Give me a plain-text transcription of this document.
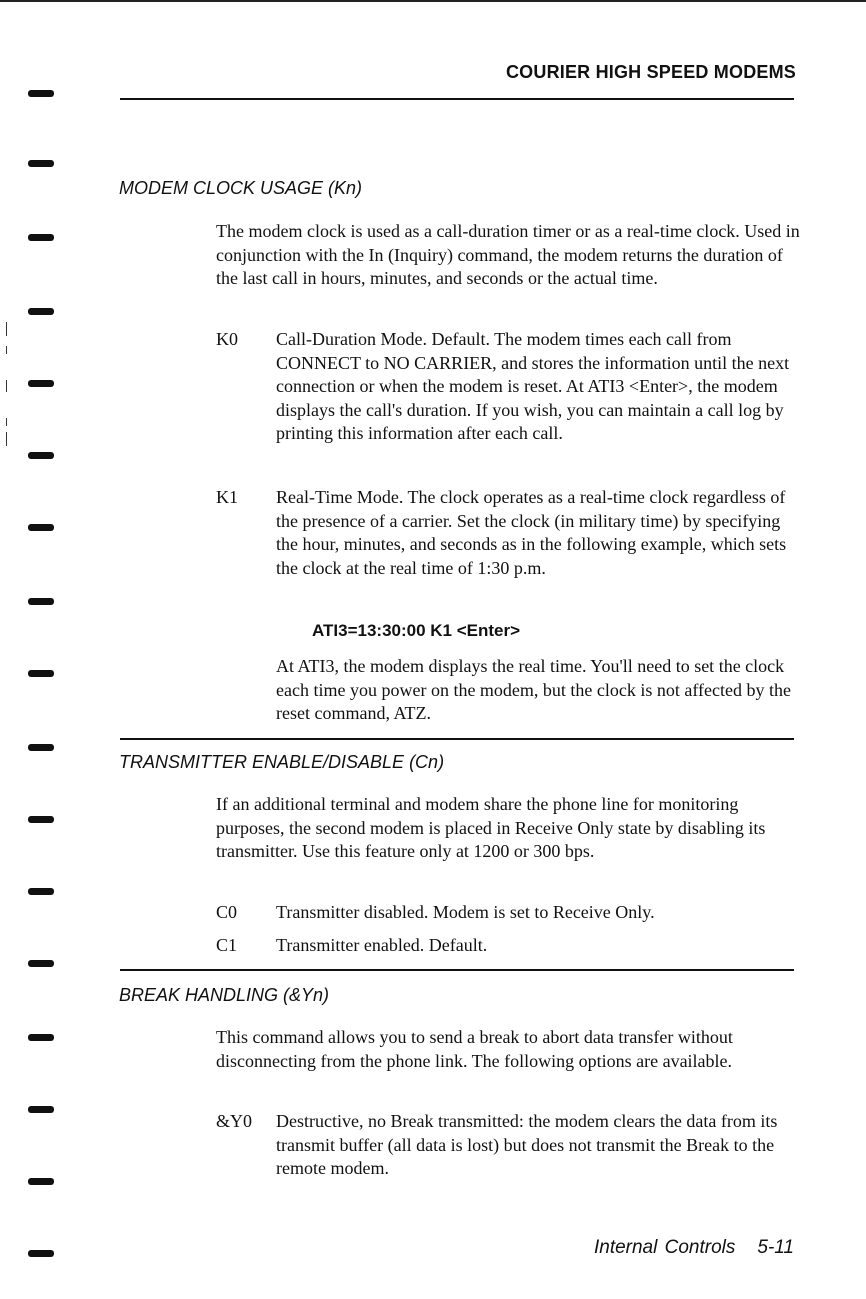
COURIER HIGH SPEED MODEMS
MODEM CLOCK USAGE (Kn)
The modem clock is used as a call-duration timer or as a real-time clock. Used in conjunction with the In (Inquiry) command, the modem returns the duration of the last call in hours, minutes, and seconds or the actual time.
K0	Call-Duration Mode. Default. The modem times each call from CONNECT to NO CARRIER, and stores the information until the next connection or when the modem is reset. At ATI3 <Enter>, the modem displays the call's duration. If you wish, you can maintain a call log by printing this information after each call.
K1	Real-Time Mode. The clock operates as a real-time clock regardless of the presence of a carrier. Set the clock (in military time) by specifying the hour, minutes, and seconds as in the following example, which sets the clock at the real time of 1:30 p.m.
ATI3=13:30:00 K1 <Enter>
At ATI3, the modem displays the real time. You'll need to set the clock each time you power on the modem, but the clock is not affected by the reset command, ATZ.
TRANSMITTER ENABLE/DISABLE (Cn)
If an additional terminal and modem share the phone line for monitoring purposes, the second modem is placed in Receive Only state by disabling its transmitter. Use this feature only at 1200 or 300 bps.
C0	Transmitter disabled. Modem is set to Receive Only.
C1	Transmitter enabled. Default.
BREAK HANDLING (&Yn)
This command allows you to send a break to abort data transfer without disconnecting from the phone link. The following options are available.
&Y0	Destructive, no Break transmitted: the modem clears the data from its transmit buffer (all data is lost) but does not transmit the Break to the remote modem.
Internal Controls 5-11
